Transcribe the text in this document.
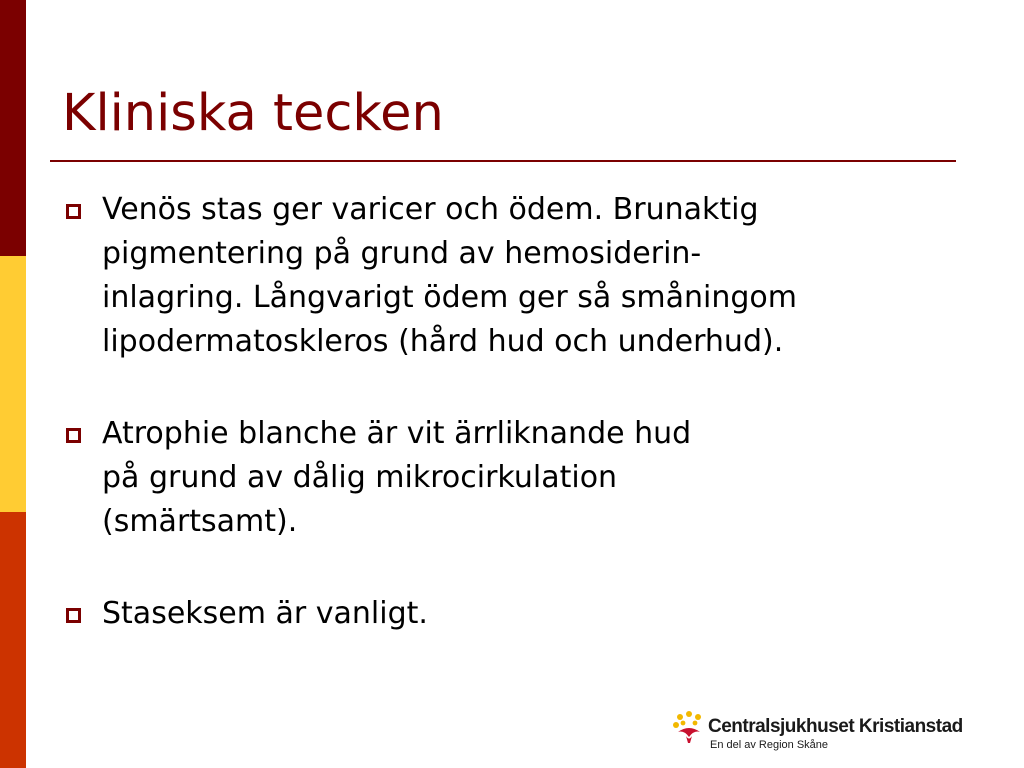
Kliniska tecken
Venös stas ger varicer och ödem. Brunaktig
pigmentering på grund av hemosiderin-
inlagring. Långvarigt ödem ger så småningom
lipodermatoskleros (hård hud och underhud).
Atrophie blanche är vit ärrliknande hud
på grund av dålig mikrocirkulation
(smärtsamt).
Staseksem är vanligt.
Centralsjukhuset Kristianstad
En del av Region Skåne
